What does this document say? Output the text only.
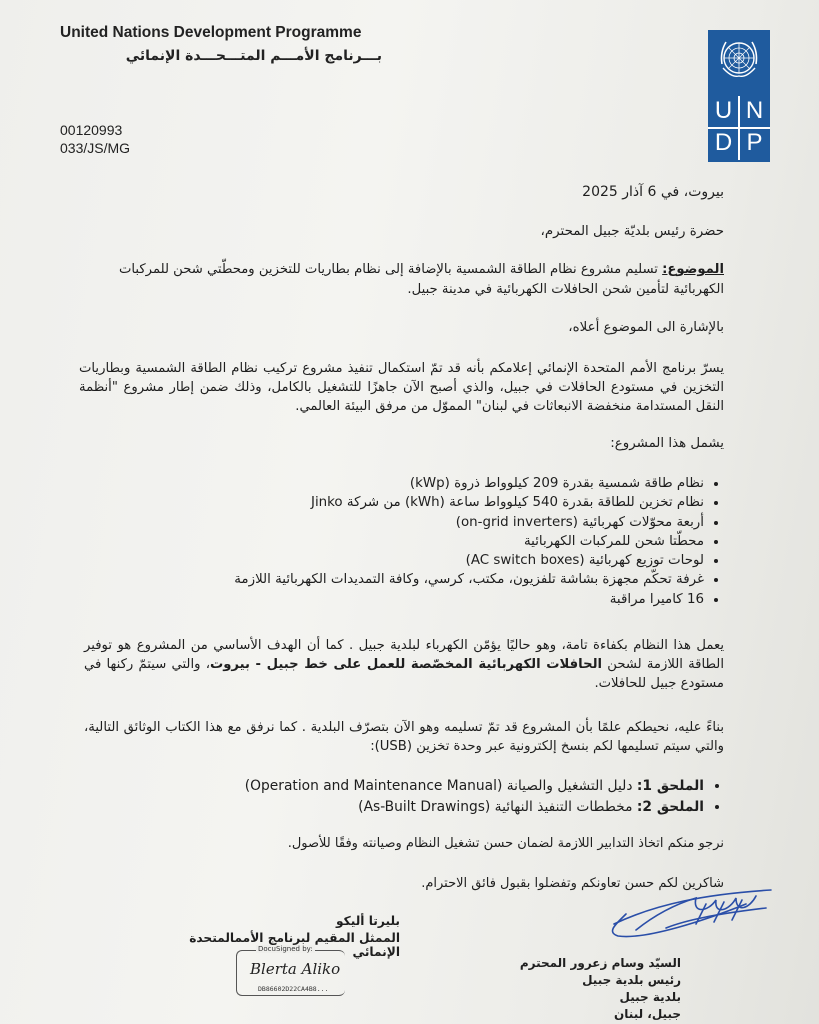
United Nations Development Programme
بـــرنامج الأمـــم المتـــحـــدة الإنمائي
00120993
033/JS/MG
U N
D P
بيروت، في 6 آذار 2025
حضرة رئيس بلديّة جبيل المحترم،
الموضوع: تسليم مشروع نظام الطاقة الشمسية بالإضافة إلى نظام بطاريات للتخزين ومحطّتي شحن للمركبات
الكهربائية لتأمين شحن الحافلات الكهربائية في مدينة جبيل.
بالإشارة الى الموضوع أعلاه،
يسرّ برنامج الأمم المتحدة الإنمائي إعلامكم بأنه قد تمّ استكمال تنفيذ مشروع تركيب نظام الطاقة الشمسية وبطاريات التخزين في مستودع الحافلات في جبيل، والذي أصبح الآن جاهزًا للتشغيل بالكامل، وذلك ضمن إطار مشروع "أنظمة النقل المستدامة منخفضة الانبعاثات في لبنان" المموّل من مرفق البيئة العالمي.
يشمل هذا المشروع:
• نظام طاقة شمسية بقدرة 209 كيلوواط ذروة (kWp)
• نظام تخزين للطاقة بقدرة 540 كيلوواط ساعة (kWh) من شركة Jinko
• أربعة محوّلات كهربائية (on-grid inverters)
• محطّتا شحن للمركبات الكهربائية
• لوحات توزيع كهربائية (AC switch boxes)
• غرفة تحكّم مجهزة بشاشة تلفزيون، مكتب، كرسي، وكافة التمديدات الكهربائية اللازمة
• 16 كاميرا مراقبة
يعمل هذا النظام بكفاءة تامة، وهو حاليًا يؤمّن الكهرباء لبلدية جبيل . كما أن الهدف الأساسي من المشروع هو توفير الطاقة اللازمة لشحن الحافلات الكهربائية المخصّصة للعمل على خط جبيل - بيروت، والتي سيتمّ ركنها في مستودع جبيل للحافلات.
بناءً عليه، نحيطكم علمًا بأن المشروع قد تمّ تسليمه وهو الآن بتصرّف البلدية . كما نرفق مع هذا الكتاب الوثائق التالية، والتي سيتم تسليمها لكم بنسخ إلكترونية عبر وحدة تخزين (USB):
• الملحق 1: دليل التشغيل والصيانة (Operation and Maintenance Manual)
• الملحق 2: مخططات التنفيذ النهائية (As-Built Drawings)
نرجو منكم اتخاذ التدابير اللازمة لضمان حسن تشغيل النظام وصيانته وفقًا للأصول.
شاكرين لكم حسن تعاونكم وتفضلوا بقبول فائق الاحترام.
بليرتا أليكو
الممثل المقيم لبرنامج الأممالمتحدة الإنمائي
DocuSigned by:
Blerta Aliko
DB86602D22CA4B8...
السيّد وسام زعرور المحترم
رئيس بلدية جبيل
بلدية جبيل
جبيل، لبنان
